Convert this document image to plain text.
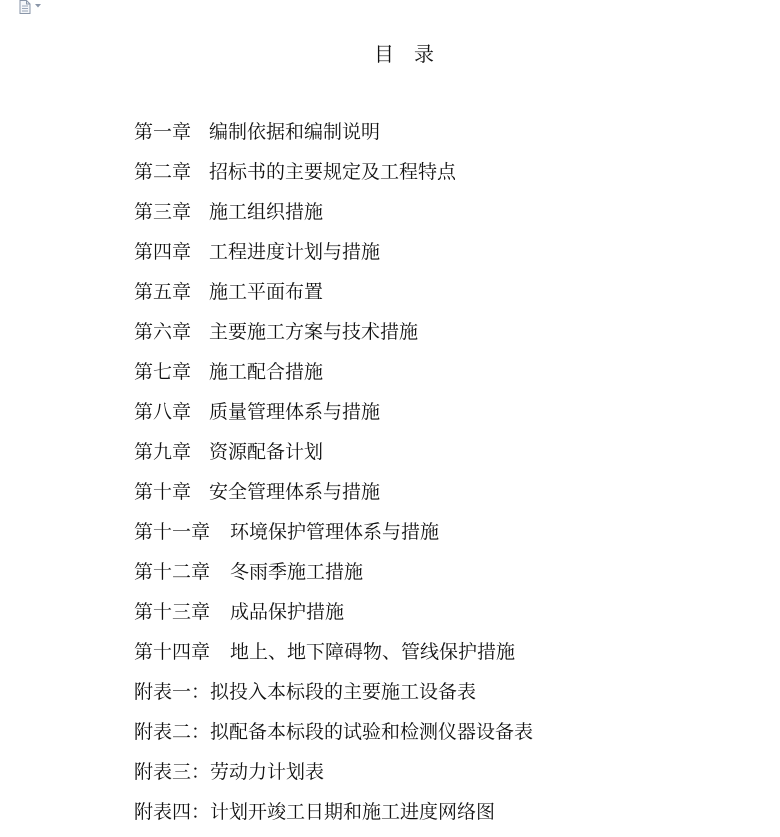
目　录
第一章 编制依据和编制说明
第二章 招标书的主要规定及工程特点
第三章 施工组织措施
第四章 工程进度计划与措施
第五章 施工平面布置
第六章 主要施工方案与技术措施
第七章 施工配合措施
第八章 质量管理体系与措施
第九章 资源配备计划
第十章 安全管理体系与措施
第十一章 环境保护管理体系与措施
第十二章 冬雨季施工措施
第十三章 成品保护措施
第十四章 地上、地下障碍物、管线保护措施
附表一： 拟投入本标段的主要施工设备表
附表二： 拟配备本标段的试验和检测仪器设备表
附表三： 劳动力计划表
附表四： 计划开竣工日期和施工进度网络图
